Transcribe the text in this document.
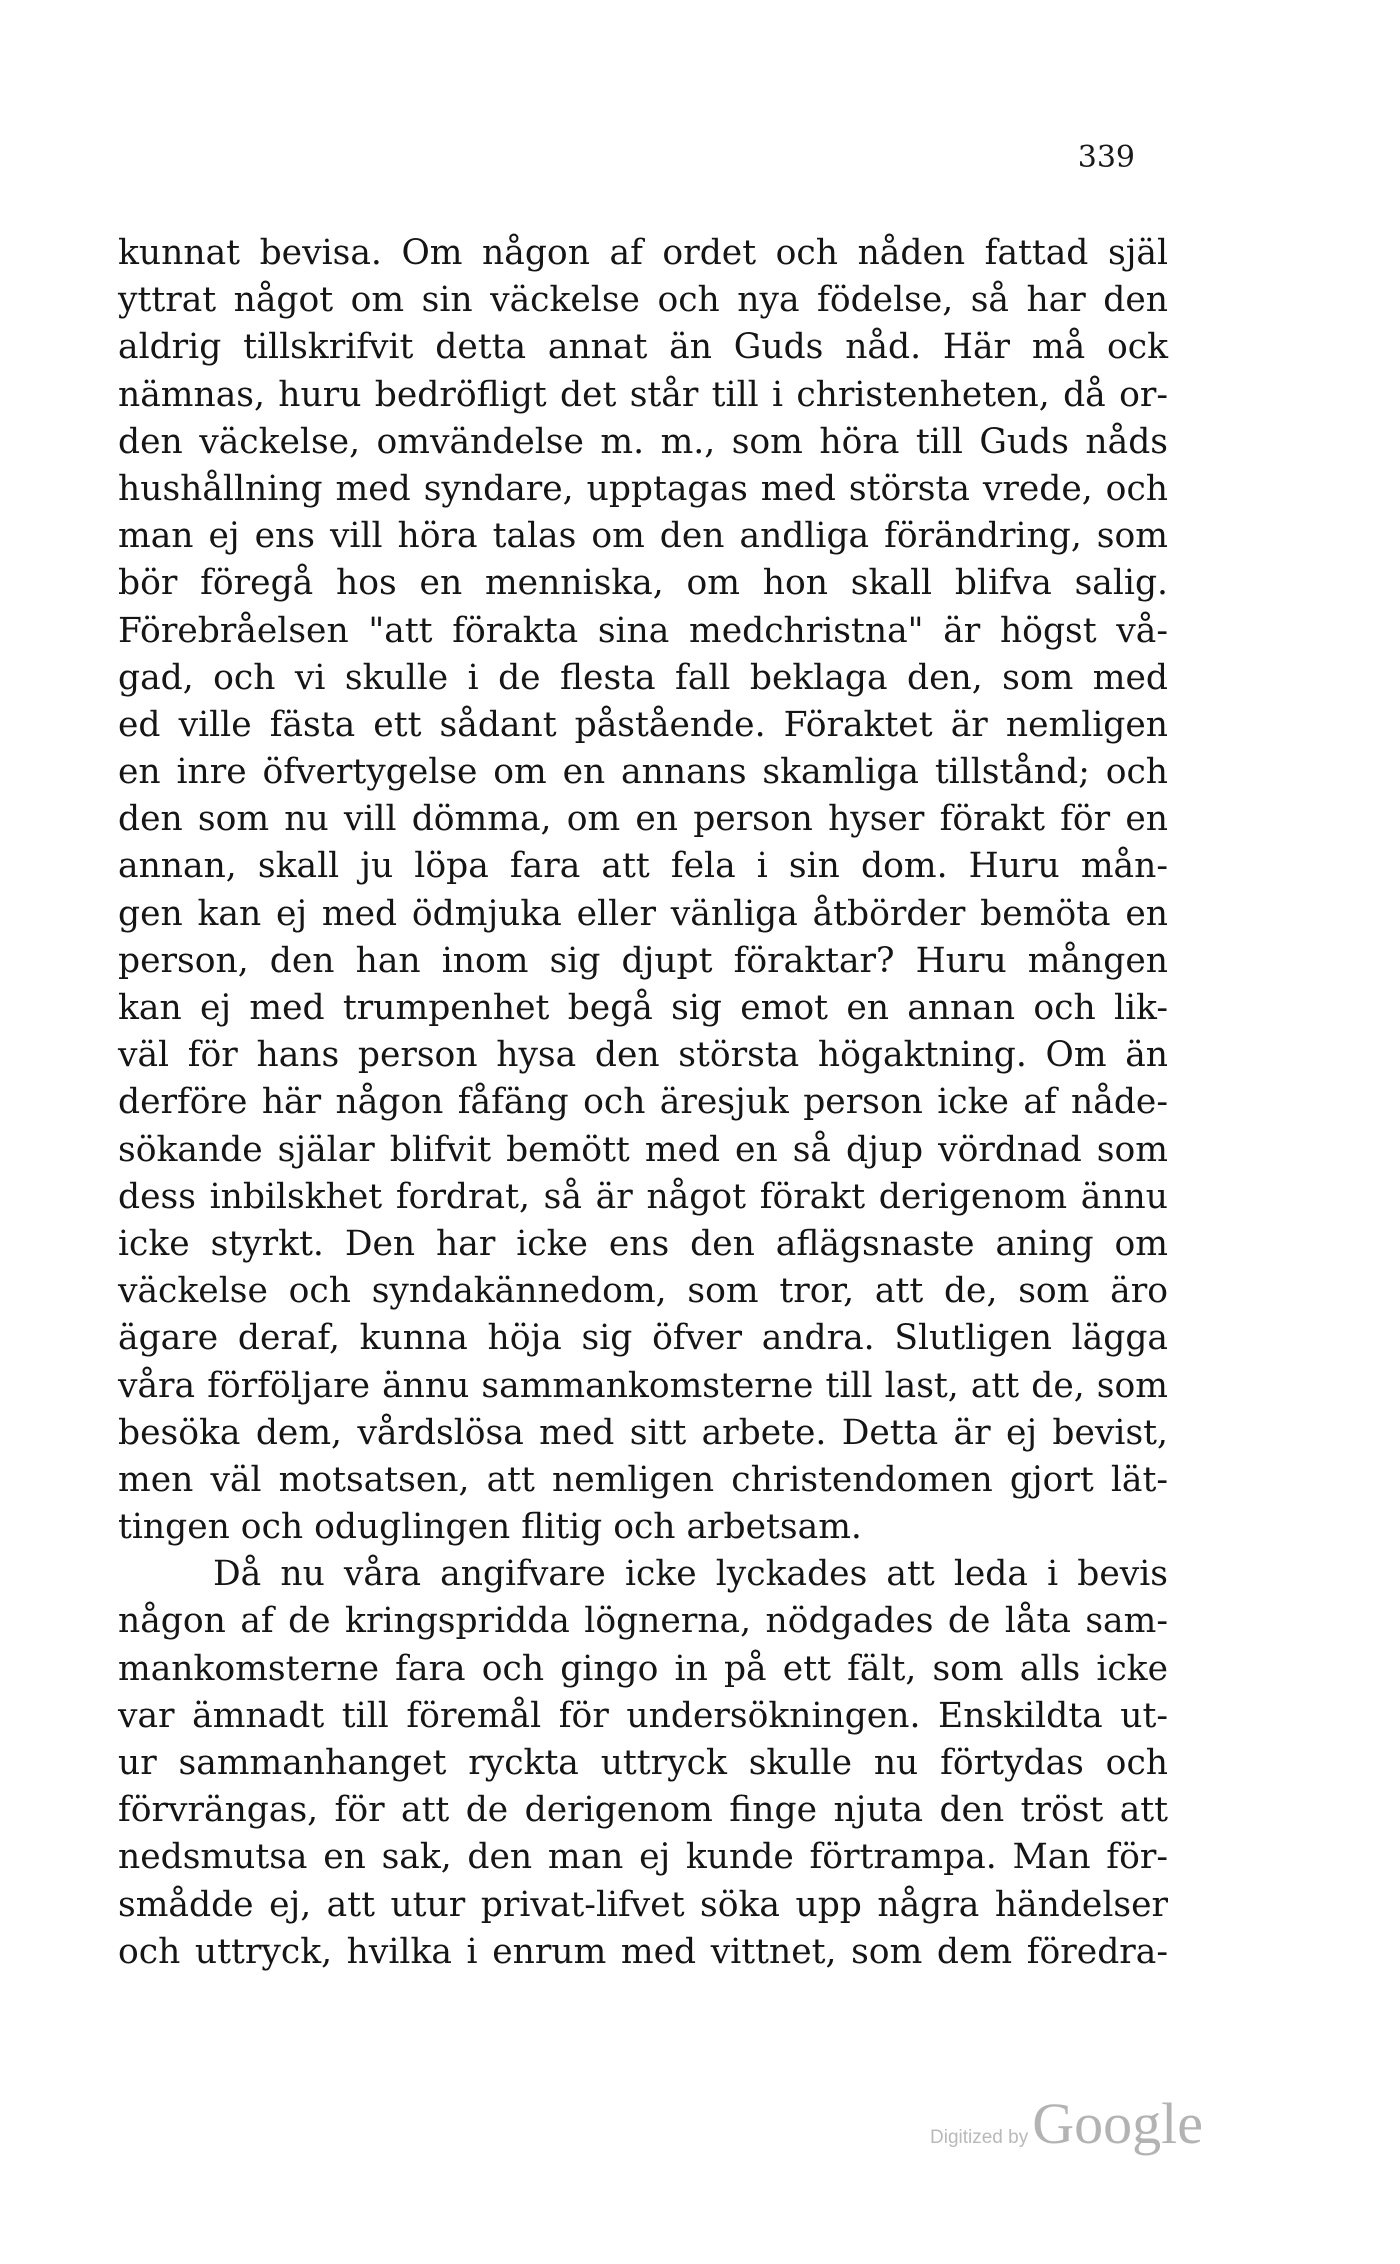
339
kunnat bevisa. Om någon af ordet och nåden fattad själ
yttrat något om sin väckelse och nya födelse, så har den
aldrig tillskrifvit detta annat än Guds nåd. Här må ock
nämnas, huru bedröfligt det står till i christenheten, då or-
den väckelse, omvändelse m. m., som höra till Guds nåds
hushållning med syndare, upptagas med största vrede, och
man ej ens vill höra talas om den andliga förändring, som
bör föregå hos en menniska, om hon skall blifva salig.
Förebråelsen "att förakta sina medchristna" är högst vå-
gad, och vi skulle i de flesta fall beklaga den, som med
ed ville fästa ett sådant påstående. Föraktet är nemligen
en inre öfvertygelse om en annans skamliga tillstånd; och
den som nu vill dömma, om en person hyser förakt för en
annan, skall ju löpa fara att fela i sin dom. Huru mån-
gen kan ej med ödmjuka eller vänliga åtbörder bemöta en
person, den han inom sig djupt föraktar? Huru mången
kan ej med trumpenhet begå sig emot en annan och lik-
väl för hans person hysa den största högaktning. Om än
derföre här någon fåfäng och äresjuk person icke af nåde-
sökande själar blifvit bemött med en så djup vördnad som
dess inbilskhet fordrat, så är något förakt derigenom ännu
icke styrkt. Den har icke ens den aflägsnaste aning om
väckelse och syndakännedom, som tror, att de, som äro
ägare deraf, kunna höja sig öfver andra. Slutligen lägga
våra förföljare ännu sammankomsterne till last, att de, som
besöka dem, vårdslösa med sitt arbete. Detta är ej bevist,
men väl motsatsen, att nemligen christendomen gjort lät-
tingen och oduglingen flitig och arbetsam.
Då nu våra angifvare icke lyckades att leda i bevis
någon af de kringspridda lögnerna, nödgades de låta sam-
mankomsterne fara och gingo in på ett fält, som alls icke
var ämnadt till föremål för undersökningen. Enskildta ut-
ur sammanhanget ryckta uttryck skulle nu förtydas och
förvrängas, för att de derigenom finge njuta den tröst att
nedsmutsa en sak, den man ej kunde förtrampa. Man för-
smådde ej, att utur privat-lifvet söka upp några händelser
och uttryck, hvilka i enrum med vittnet, som dem föredra-
Digitized by Google
